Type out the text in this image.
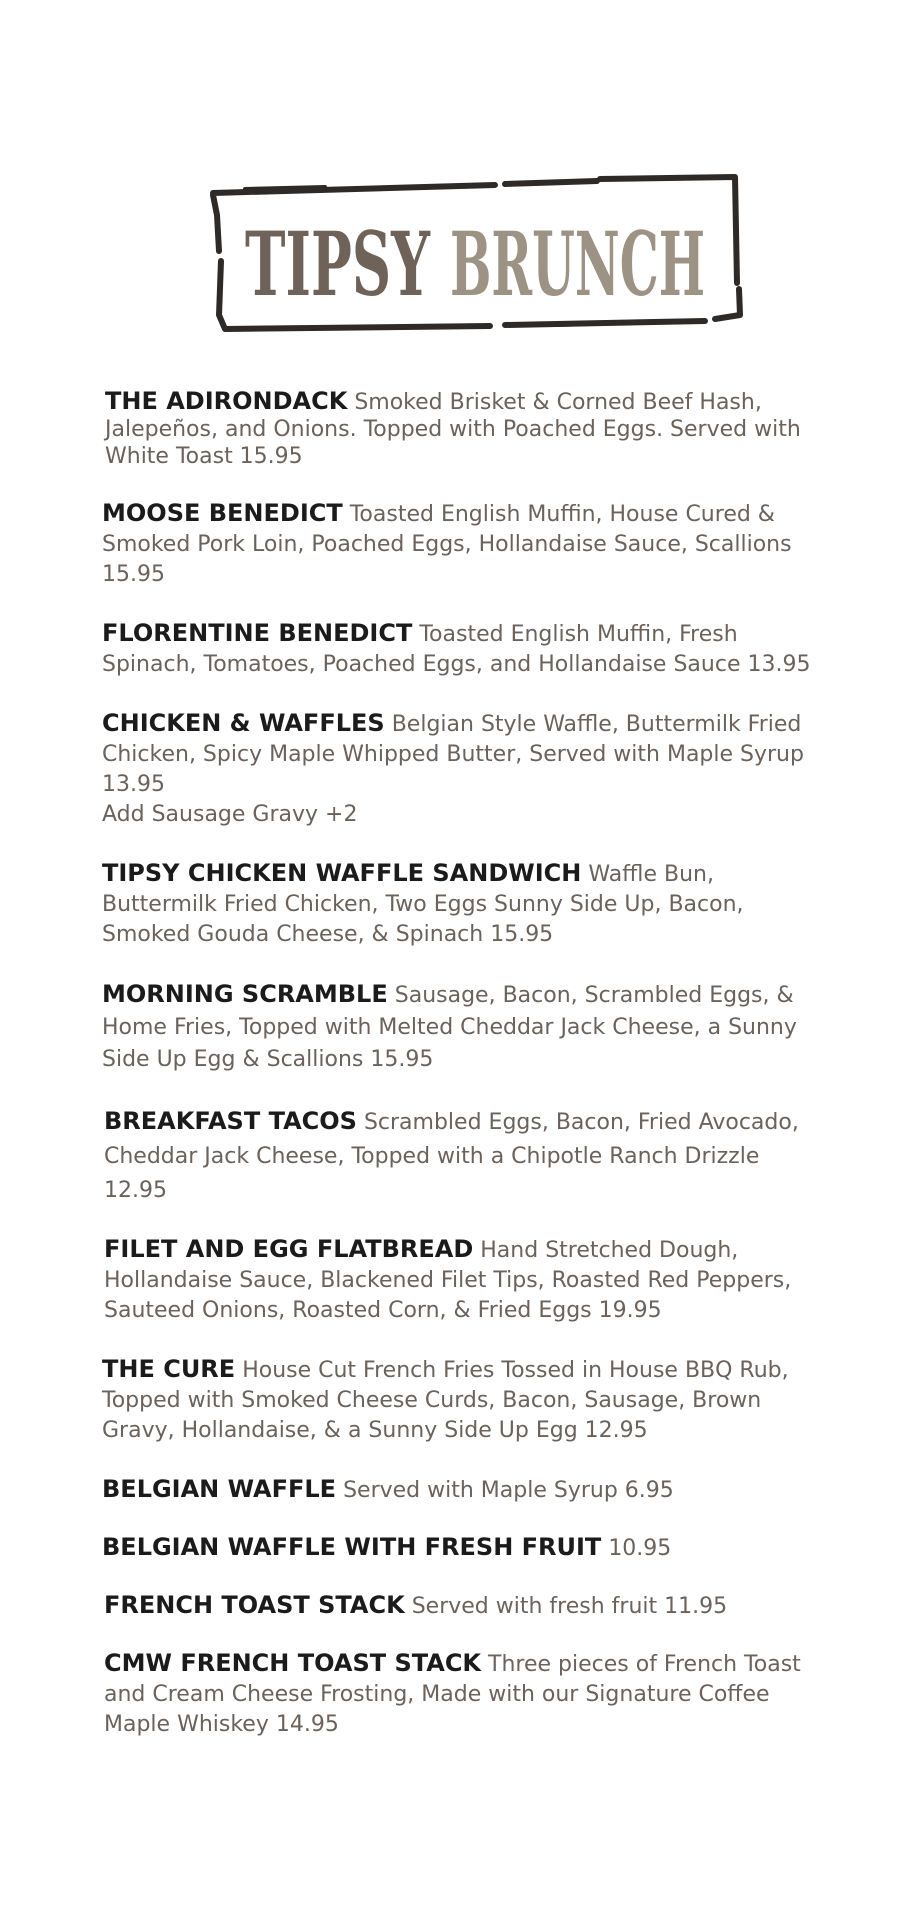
TIPSY BRUNCH

THE ADIRONDACK Smoked Brisket & Corned Beef Hash, Jalepeños, and Onions. Topped with Poached Eggs. Served with White Toast 15.95

MOOSE BENEDICT Toasted English Muffin, House Cured & Smoked Pork Loin, Poached Eggs, Hollandaise Sauce, Scallions 15.95

FLORENTINE BENEDICT Toasted English Muffin, Fresh Spinach, Tomatoes, Poached Eggs, and Hollandaise Sauce 13.95

CHICKEN & WAFFLES Belgian Style Waffle, Buttermilk Fried Chicken, Spicy Maple Whipped Butter, Served with Maple Syrup 13.95
Add Sausage Gravy +2

TIPSY CHICKEN WAFFLE SANDWICH Waffle Bun, Buttermilk Fried Chicken, Two Eggs Sunny Side Up, Bacon, Smoked Gouda Cheese, & Spinach 15.95

MORNING SCRAMBLE Sausage, Bacon, Scrambled Eggs, & Home Fries, Topped with Melted Cheddar Jack Cheese, a Sunny Side Up Egg & Scallions 15.95

BREAKFAST TACOS Scrambled Eggs, Bacon, Fried Avocado, Cheddar Jack Cheese, Topped with a Chipotle Ranch Drizzle 12.95

FILET AND EGG FLATBREAD Hand Stretched Dough, Hollandaise Sauce, Blackened Filet Tips, Roasted Red Peppers, Sauteed Onions, Roasted Corn, & Fried Eggs 19.95

THE CURE House Cut French Fries Tossed in House BBQ Rub, Topped with Smoked Cheese Curds, Bacon, Sausage, Brown Gravy, Hollandaise, & a Sunny Side Up Egg 12.95

BELGIAN WAFFLE Served with Maple Syrup 6.95

BELGIAN WAFFLE WITH FRESH FRUIT 10.95

FRENCH TOAST STACK Served with fresh fruit 11.95

CMW FRENCH TOAST STACK Three pieces of French Toast and Cream Cheese Frosting, Made with our Signature Coffee Maple Whiskey 14.95
